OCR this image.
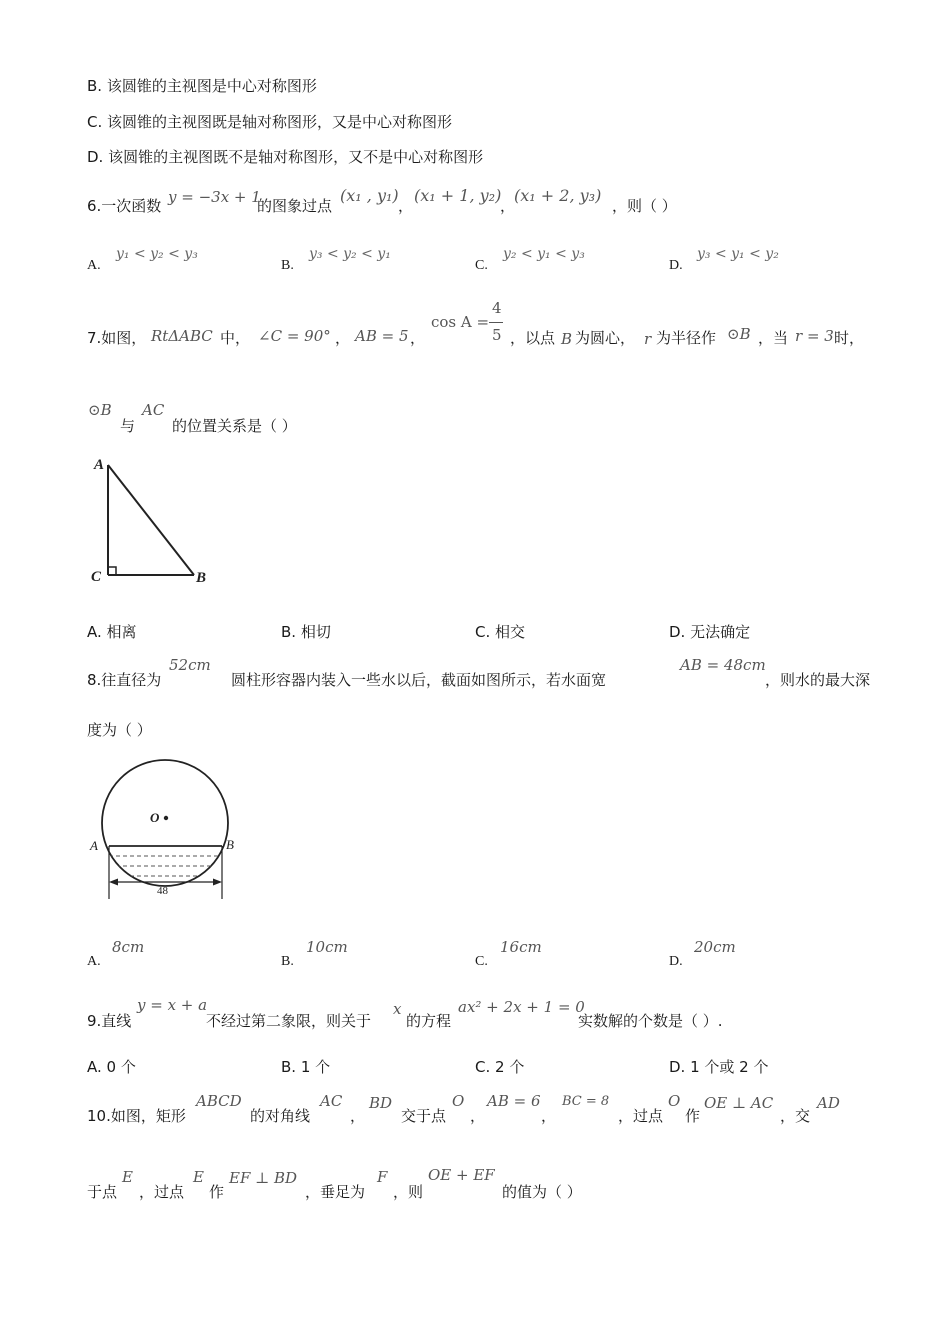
B. 该圆锥的主视图是中心对称图形
C. 该圆锥的主视图既是轴对称图形，又是中心对称图形
D. 该圆锥的主视图既不是轴对称图形，又不是中心对称图形
6.一次函数 y = −3x + 1
的图象过点
(x₁ , y₁)
，
(x₁ + 1, y₂)
，
(x₁ + 2, y₃)
，则（ ）
A.
y₁ < y₂ < y₃
B.
y₃ < y₂ < y₁
C.
y₂ < y₁ < y₃
D.
y₃ < y₁ < y₂
7.如图， RtΔABC 中， ∠C = 90° ， AB = 5 ，
cos A =
4
5 ，以点 B 为圆心， r 为半径作 ⊙B ，当 r = 3 时，
⊙B
与
AC
的位置关系是（ ）
A
C	B
A. 相离	B. 相切	C. 相交	D. 无法确定
8.往直径为
52cm
圆柱形容器内装入一些水以后，截面如图所示，若水面宽
AB = 48cm
，则水的最大深
度为（ ）
O
A	B
48
A.
8cm
B.
10cm
C.
16cm
D.
20cm
9.直线
y = x + a
不经过第二象限，则关于
x
的方程
ax² + 2x + 1 = 0
实数解的个数是（ ）.
A. 0 个	B. 1 个	C. 2 个	D. 1 个或 2 个
10.如图，矩形
ABCD
的对角线
AC
，
BD
交于点
O
，
AB = 6
，
BC = 8
，过点
O
作
OE ⊥ AC
，交
AD
于点
E
，过点
E
作
EF ⊥ BD
，垂足为
F
，则
OE + EF
的值为（ ）
